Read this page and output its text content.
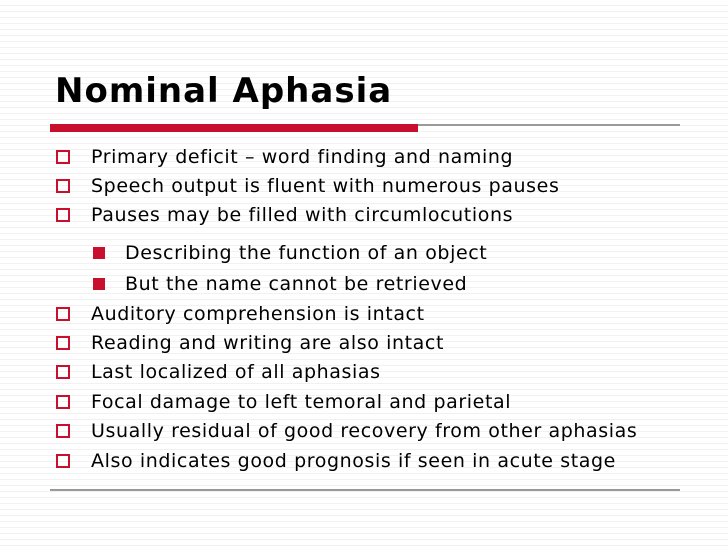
Nominal Aphasia
Primary deficit – word finding and naming
Speech output is fluent with numerous pauses
Pauses may be filled with circumlocutions
Describing the function of an object
But the name cannot be retrieved
Auditory comprehension is intact
Reading and writing are also intact
Last localized of all aphasias
Focal damage to left temoral and parietal
Usually residual of good recovery from other aphasias
Also indicates good prognosis if seen in acute stage
